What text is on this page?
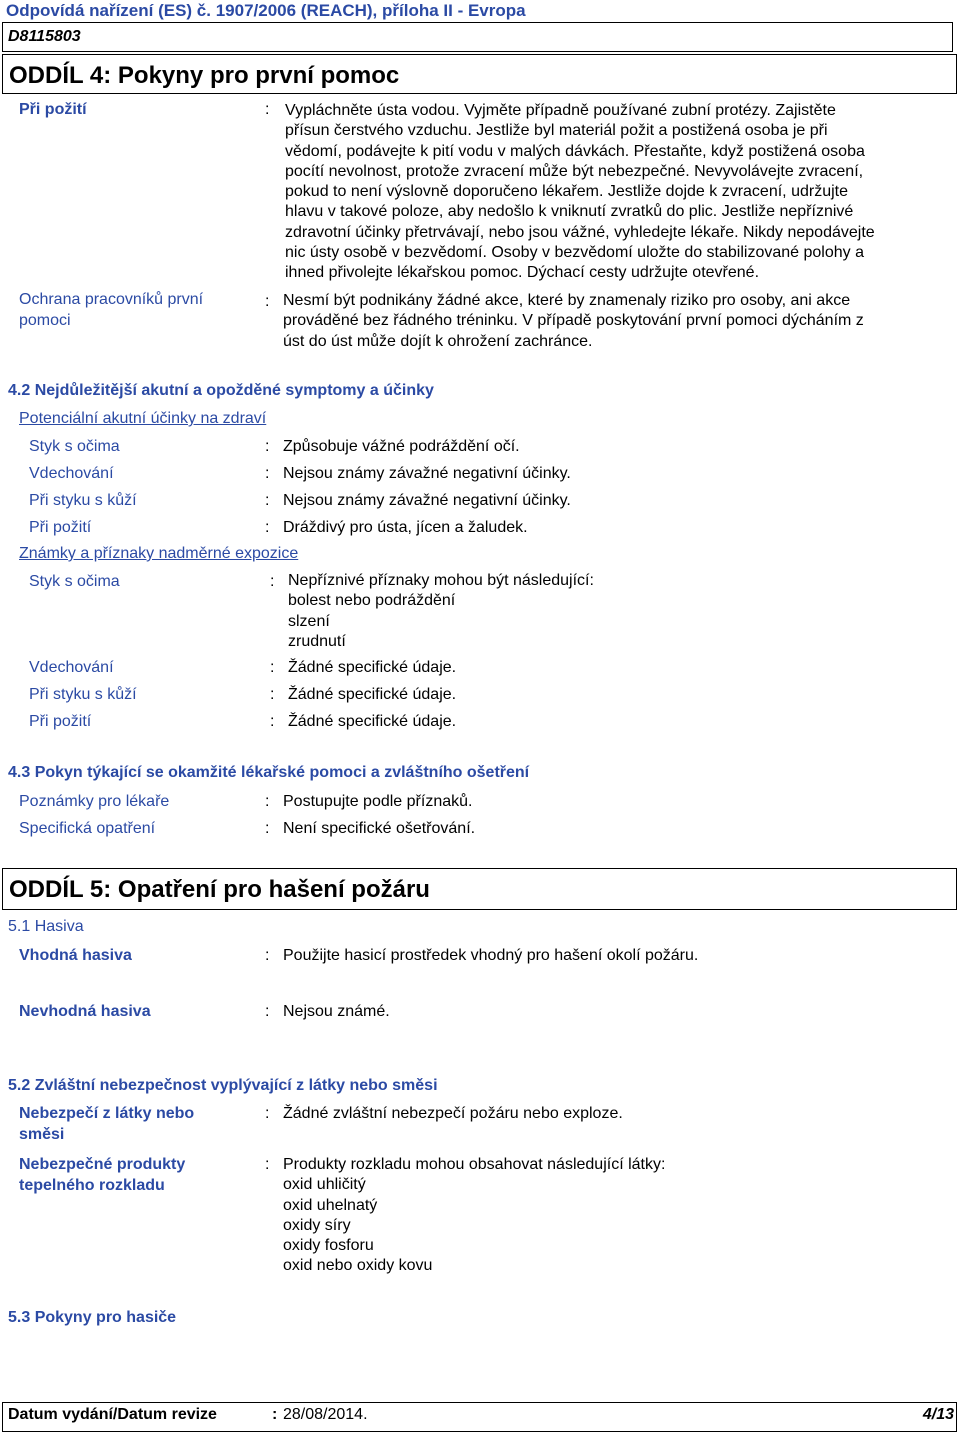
Odpovídá nařízení (ES) č. 1907/2006 (REACH), příloha II - Evropa
D8115803
ODDÍL 4: Pokyny pro první pomoc
Při požití	: Vypláchněte ústa vodou. Vyjměte případně používané zubní protézy. Zajistěte
přísun čerstvého vzduchu. Jestliže byl materiál požit a postižená osoba je při
vědomí, podávejte k pití vodu v malých dávkách. Přestaňte, když postižená osoba
pocítí nevolnost, protože zvracení může být nebezpečné. Nevyvolávejte zvracení,
pokud to není výslovně doporučeno lékařem. Jestliže dojde k zvracení, udržujte
hlavu v takové poloze, aby nedošlo k vniknutí zvratků do plic. Jestliže nepříznivé
zdravotní účinky přetrvávají, nebo jsou vážné, vyhledejte lékaře. Nikdy nepodávejte
nic ústy osobě v bezvědomí. Osoby v bezvědomí uložte do stabilizované polohy a
ihned přivolejte lékařskou pomoc. Dýchací cesty udržujte otevřené.
Ochrana pracovníků první
pomoci
: Nesmí být podnikány žádné akce, které by znamenaly riziko pro osoby, ani akce
prováděné bez řádného tréninku. V případě poskytování první pomoci dýcháním z
úst do úst může dojít k ohrožení zachránce.
4.2 Nejdůležitější akutní a opožděné symptomy a účinky
Potenciální akutní účinky na zdraví
Styk s očima	: Způsobuje vážné podráždění očí.
Vdechování	: Nejsou známy závažné negativní účinky.
Při styku s kůží	: Nejsou známy závažné negativní účinky.
Při požití	: Dráždivý pro ústa, jícen a žaludek.
Známky a příznaky nadměrné expozice
Styk s očima	: Nepříznivé příznaky mohou být následující:
bolest nebo podráždění
slzení
zrudnutí
Vdechování	: Žádné specifické údaje.
Při styku s kůží	: Žádné specifické údaje.
Při požití	: Žádné specifické údaje.
4.3 Pokyn týkající se okamžité lékařské pomoci a zvláštního ošetření
Poznámky pro lékaře	: Postupujte podle příznaků.
Specifická opatření	: Není specifické ošetřování.
ODDÍL 5: Opatření pro hašení požáru
5.1 Hasiva
Vhodná hasiva	: Použijte hasicí prostředek vhodný pro hašení okolí požáru.
Nevhodná hasiva	: Nejsou známé.
5.2 Zvláštní nebezpečnost vyplývající z látky nebo směsi
Nebezpečí z látky nebo
směsi
: Žádné zvláštní nebezpečí požáru nebo exploze.
Nebezpečné produkty
tepelného rozkladu
: Produkty rozkladu mohou obsahovat následující látky:
oxid uhličitý
oxid uhelnatý
oxidy síry
oxidy fosforu
oxid nebo oxidy kovu
5.3 Pokyny pro hasiče
Datum vydání/Datum revize	: 28/08/2014.	4/13
